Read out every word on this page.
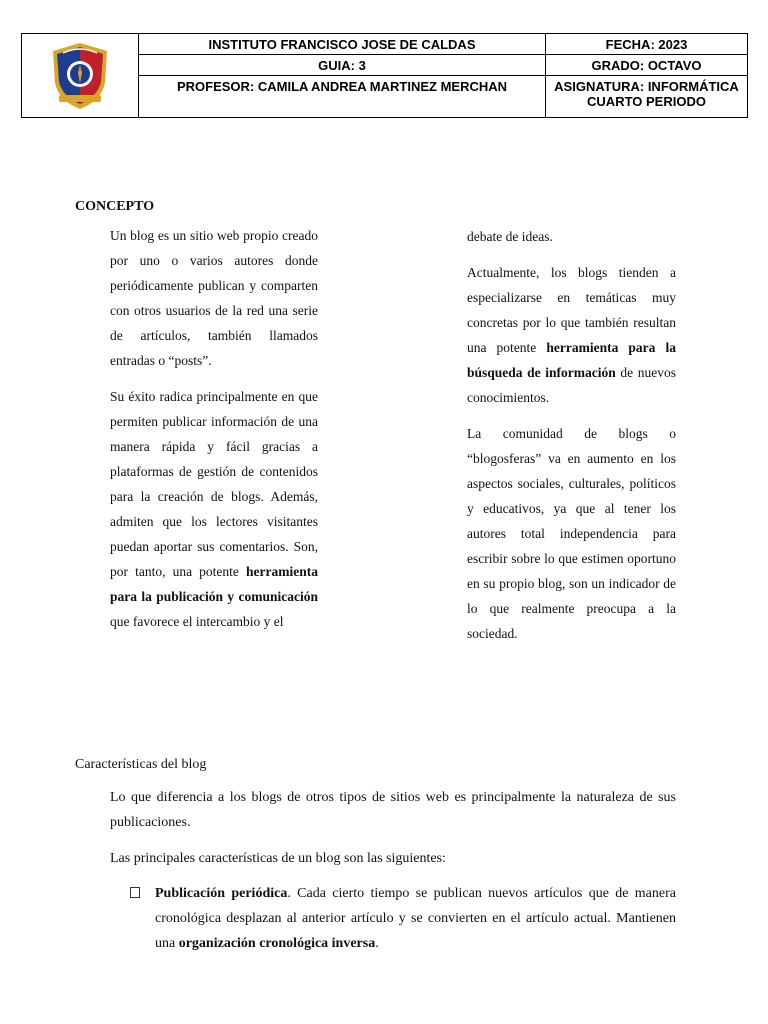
	INSTITUTO FRANCISCO JOSE DE CALDAS	FECHA: 2023
	GUIA: 3	GRADO: OCTAVO
	PROFESOR: CAMILA ANDREA MARTINEZ MERCHAN	ASIGNATURA: INFORMÁTICA
CUARTO PERIODO
CONCEPTO

Un blog es un sitio web propio creado por uno o varios autores donde periódicamente publican y comparten con otros usuarios de la red una serie de artículos, también llamados entradas o “posts”.

Su éxito radica principalmente en que permiten publicar información de una manera rápida y fácil gracias a plataformas de gestión de contenidos para la creación de blogs. Además, admiten que los lectores visitantes puedan aportar sus comentarios. Son, por tanto, una potente herramienta para la publicación y comunicación que favorece el intercambio y el

debate de ideas.

Actualmente, los blogs tienden a especializarse en temáticas muy concretas por lo que también resultan una potente herramienta para la búsqueda de información de nuevos conocimientos.

La comunidad de blogs o “blogosferas” va en aumento en los aspectos sociales, culturales, políticos y educativos, ya que al tener los autores total independencia para escribir sobre lo que estimen oportuno en su propio blog, son un indicador de lo que realmente preocupa a la sociedad.

Características del blog

Lo que diferencia a los blogs de otros tipos de sitios web es principalmente la naturaleza de sus publicaciones.

Las principales características de un blog son las siguientes:

Publicación periódica. Cada cierto tiempo se publican nuevos artículos que de manera cronológica desplazan al anterior artículo y se convierten en el artículo actual. Mantienen una organización cronológica inversa.
